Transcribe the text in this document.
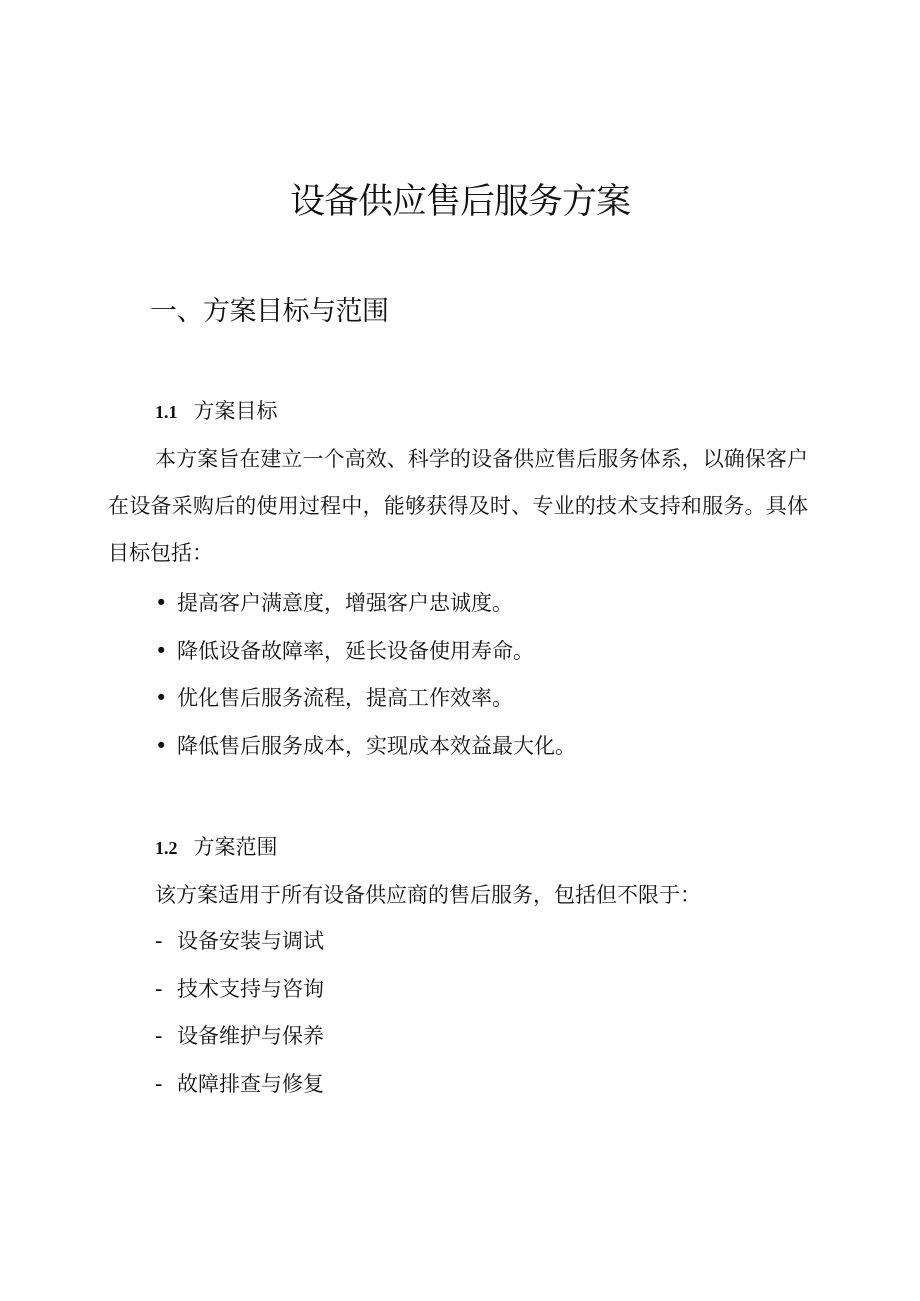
设备供应售后服务方案
一、方案目标与范围
1.1 方案目标

本方案旨在建立一个高效、科学的设备供应售后服务体系，以确保客户在设备采购后的使用过程中，能够获得及时、专业的技术支持和服务。具体目标包括：

• 提高客户满意度，增强客户忠诚度。
• 降低设备故障率，延长设备使用寿命。
• 优化售后服务流程，提高工作效率。
• 降低售后服务成本，实现成本效益最大化。
1.2 方案范围

该方案适用于所有设备供应商的售后服务，包括但不限于：

- 设备安装与调试
- 技术支持与咨询
- 设备维护与保养
- 故障排查与修复
